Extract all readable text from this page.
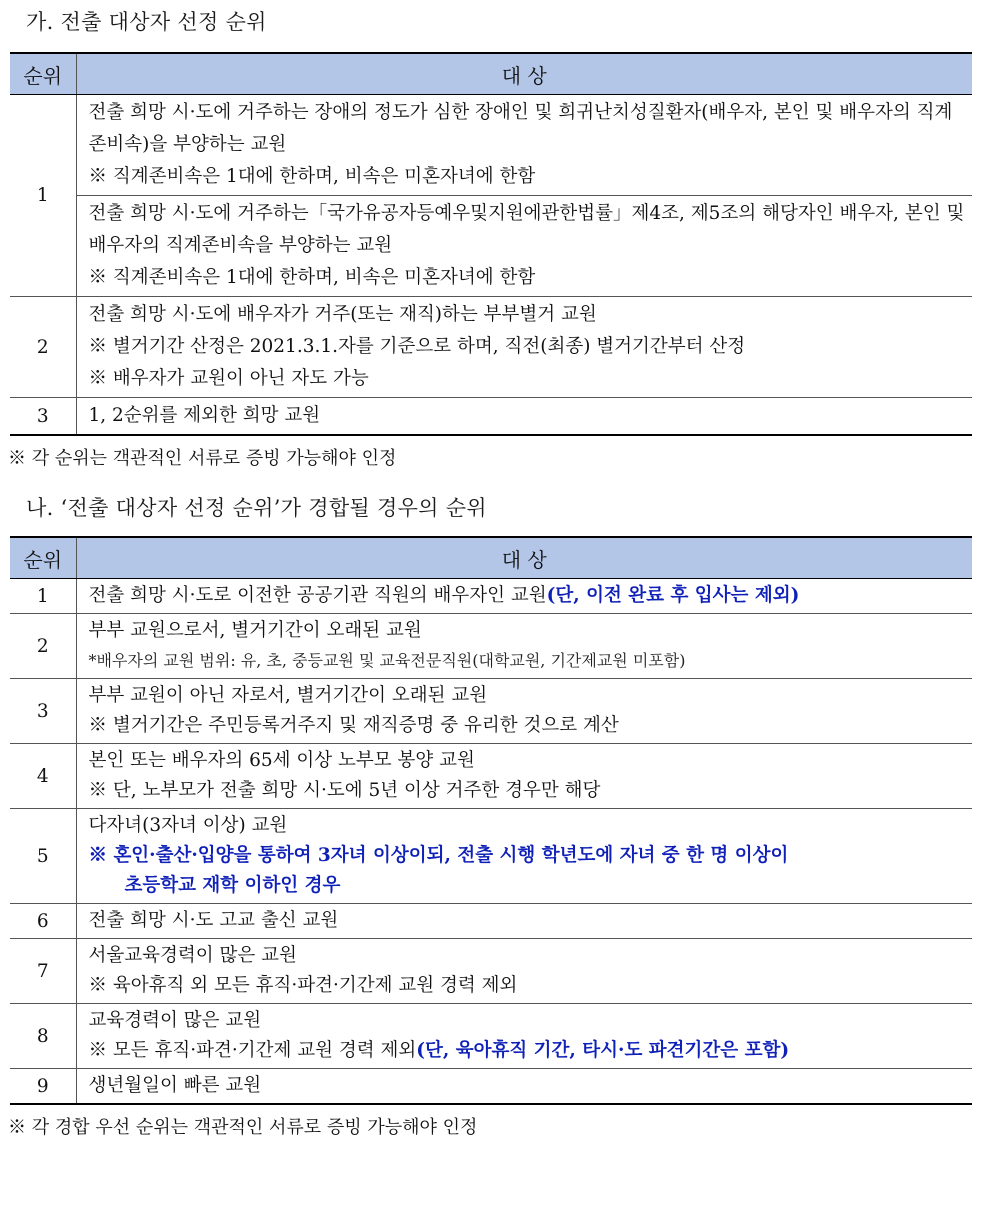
가. 전출 대상자 선정 순위
순위	대 상
1	전출 희망 시·도에 거주하는 장애의 정도가 심한 장애인 및 희귀난치성질환자(배우자, 본인 및 배우자의 직계존비속)을 부양하는 교원
※ 직계존비속은 1대에 한하며, 비속은 미혼자녀에 한함

	전출 희망 시·도에 거주하는「국가유공자등예우및지원에관한법률」제4조, 제5조의 해당자인 배우자, 본인 및 배우자의 직계존비속을 부양하는 교원
※ 직계존비속은 1대에 한하며, 비속은 미혼자녀에 한함

2	전출 희망 시·도에 배우자가 거주(또는 재직)하는 부부별거 교원
※ 별거기간 산정은 2021.3.1.자를 기준으로 하며, 직전(최종) 별거기간부터 산정
※ 배우자가 교원이 아닌 자도 가능

3	1, 2순위를 제외한 희망 교원
※ 각 순위는 객관적인 서류로 증빙 가능해야 인정
나. ‘전출 대상자 선정 순위’가 경합될 경우의 순위
순위	대 상
1	전출 희망 시·도로 이전한 공공기관 직원의 배우자인 교원(단, 이전 완료 후 입사는 제외)

2	부부 교원으로서, 별거기간이 오래된 교원
*배우자의 교원 범위: 유, 초, 중등교원 및 교육전문직원(대학교원, 기간제교원 미포함)

3	부부 교원이 아닌 자로서, 별거기간이 오래된 교원
※ 별거기간은 주민등록거주지 및 재직증명 중 유리한 것으로 계산

4	본인 또는 배우자의 65세 이상 노부모 봉양 교원
※ 단, 노부모가 전출 희망 시·도에 5년 이상 거주한 경우만 해당

5	다자녀(3자녀 이상) 교원
※ 혼인·출산·입양을 통하여 3자녀 이상이되, 전출 시행 학년도에 자녀 중 한 명 이상이
초등학교 재학 이하인 경우

6	전출 희망 시·도 고교 출신 교원

7	서울교육경력이 많은 교원
※ 육아휴직 외 모든 휴직·파견·기간제 교원 경력 제외

8	교육경력이 많은 교원
※ 모든 휴직·파견·기간제 교원 경력 제외(단, 육아휴직 기간, 타시·도 파견기간은 포함)

9	생년월일이 빠른 교원
※ 각 경합 우선 순위는 객관적인 서류로 증빙 가능해야 인정
